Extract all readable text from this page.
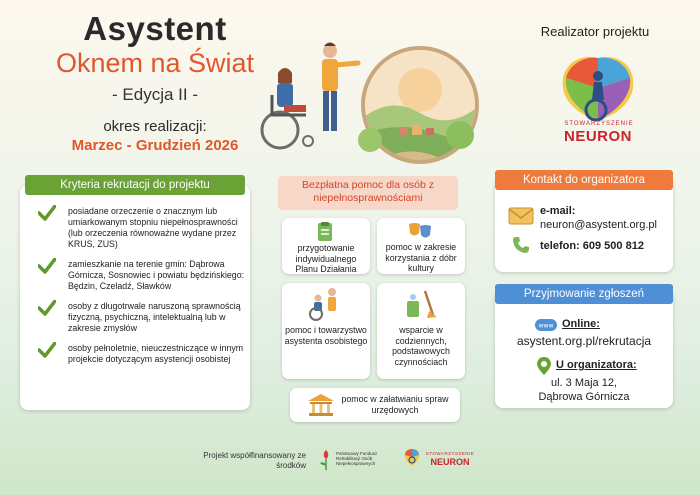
Asystent
Oknem na Świat
- Edycja II -
okres realizacji:
Marzec - Grudzień 2026
Realizator projektu
STOWARZYSZENIE
NEURON
Kryteria rekrutacji do projektu
posiadane orzeczenie o znacznym lub umiarkowanym stopniu niepełnosprawności (lub orzeczenia równoważne wydane przez KRUS, ZUS)
zamieszkanie na terenie gmin: Dąbrowa Górnicza, Sosnowiec i powiatu będzińskiego: Będzin, Czeladź, Sławków
osoby z długotrwale naruszoną sprawnością fizyczną, psychiczną, intelektualną lub w zakresie zmysłów
osoby pełnoletnie, nieuczestniczące w innym projekcie dotyczącym asystencji osobistej
Bezpłatna pomoc dla osób z niepełnosprawnościami
przygotowanie indywidualnego Planu Działania
pomoc w zakresie korzystania z dóbr kultury
pomoc i towarzystwo asystenta osobistego
wsparcie w codziennych, podstawowych czynnościach
pomoc w załatwianiu spraw urzędowych
Kontakt do organizatora
e-mail:
neuron@asystent.org.pl
telefon: 609 500 812
Przyjmowanie zgłoszeń
www Online:
asystent.org.pl/rekrutacja
U organizatora:
ul. 3 Maja 12,
Dąbrowa Górnicza
Projekt współfinansowany ze środków
Państwowy Fundusz Rehabilitacji Osób Niepełnosprawnych
STOWARZYSZENIE
NEURON
